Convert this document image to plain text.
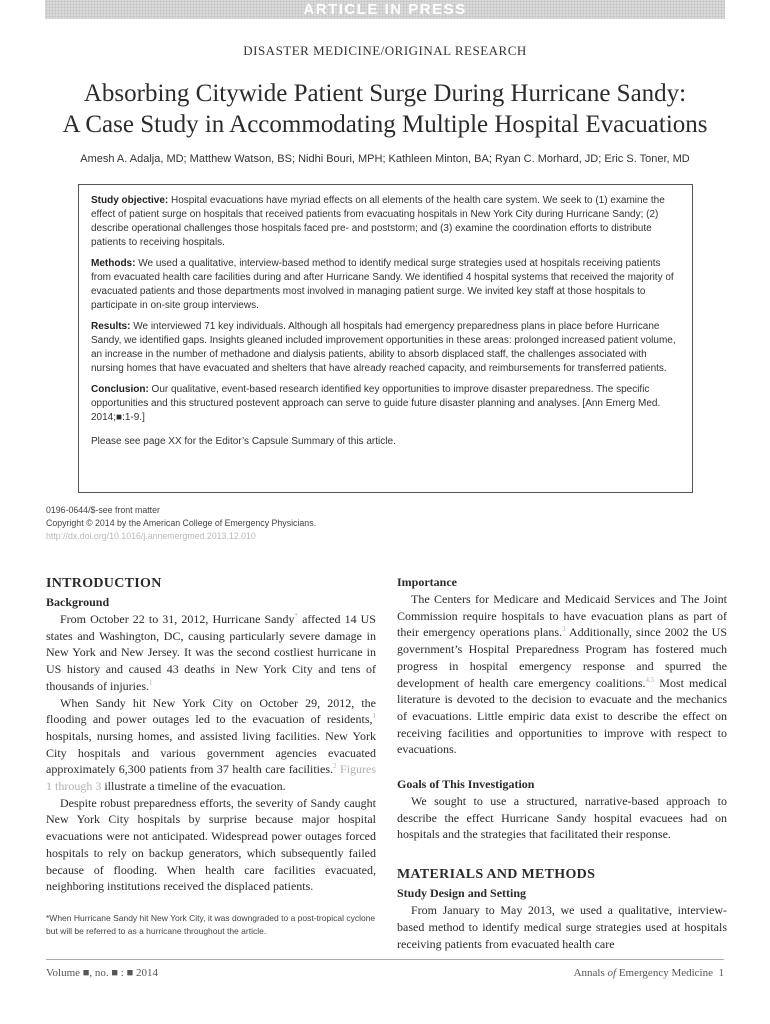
ARTICLE IN PRESS
DISASTER MEDICINE/ORIGINAL RESEARCH
Absorbing Citywide Patient Surge During Hurricane Sandy:
A Case Study in Accommodating Multiple Hospital Evacuations
Amesh A. Adalja, MD; Matthew Watson, BS; Nidhi Bouri, MPH; Kathleen Minton, BA; Ryan C. Morhard, JD; Eric S. Toner, MD

Study objective: Hospital evacuations have myriad effects on all elements of the health care system. We seek to (1) examine the effect of patient surge on hospitals that received patients from evacuating hospitals in New York City during Hurricane Sandy; (2) describe operational challenges those hospitals faced pre- and poststorm; and (3) examine the coordination efforts to distribute patients to receiving hospitals.

Methods: We used a qualitative, interview-based method to identify medical surge strategies used at hospitals receiving patients from evacuated health care facilities during and after Hurricane Sandy. We identified 4 hospital systems that received the majority of evacuated patients and those departments most involved in managing patient surge. We invited key staff at those hospitals to participate in on-site group interviews.

Results: We interviewed 71 key individuals. Although all hospitals had emergency preparedness plans in place before Hurricane Sandy, we identified gaps. Insights gleaned included improvement opportunities in these areas: prolonged increased patient volume, an increase in the number of methadone and dialysis patients, ability to absorb displaced staff, the challenges associated with nursing homes that have evacuated and shelters that have already reached capacity, and reimbursements for transferred patients.

Conclusion: Our qualitative, event-based research identified key opportunities to improve disaster preparedness. The specific opportunities and this structured postevent approach can serve to guide future disaster planning and analyses. [Ann Emerg Med. 2014;■:1-9.]

Please see page XX for the Editor’s Capsule Summary of this article.

0196-0644/$-see front matter
Copyright © 2014 by the American College of Emergency Physicians.
http://dx.doi.org/10.1016/j.annemergmed.2013.12.010
INTRODUCTION
Background

From October 22 to 31, 2012, Hurricane Sandy* affected 14 US states and Washington, DC, causing particularly severe damage in New York and New Jersey. It was the second costliest hurricane in US history and caused 43 deaths in New York City and tens of thousands of injuries.$^1$

When Sandy hit New York City on October 29, 2012, the flooding and power outages led to the evacuation of residents,$^1$ hospitals, nursing homes, and assisted living facilities. New York City hospitals and various government agencies evacuated approximately 6,300 patients from 37 health care facilities.$^2$ Figures 1 through 3 illustrate a timeline of the evacuation.

Despite robust preparedness efforts, the severity of Sandy caught New York City hospitals by surprise because major hospital evacuations were not anticipated. Widespread power outages forced hospitals to rely on backup generators, which subsequently failed because of flooding. When health care facilities evacuated, neighboring institutions received the displaced patients.

*When Hurricane Sandy hit New York City, it was downgraded to a post-tropical cyclone but will be referred to as a hurricane throughout the article.
Importance

The Centers for Medicare and Medicaid Services and The Joint Commission require hospitals to have evacuation plans as part of their emergency operations plans.$^3$ Additionally, since 2002 the US government’s Hospital Preparedness Program has fostered much progress in hospital emergency response and spurred the development of health care emergency coalitions.$^{4,5}$ Most medical literature is devoted to the decision to evacuate and the mechanics of evacuations. Little empiric data exist to describe the effect on receiving facilities and opportunities to improve with respect to evacuations.

Goals of This Investigation

We sought to use a structured, narrative-based approach to describe the effect Hurricane Sandy hospital evacuees had on hospitals and the strategies that facilitated their response.

MATERIALS AND METHODS
Study Design and Setting

From January to May 2013, we used a qualitative, interview-based method to identify medical surge strategies used at hospitals receiving patients from evacuated health care

Volume ■, no. ■ : ■ 2014	Annals of Emergency Medicine 1
